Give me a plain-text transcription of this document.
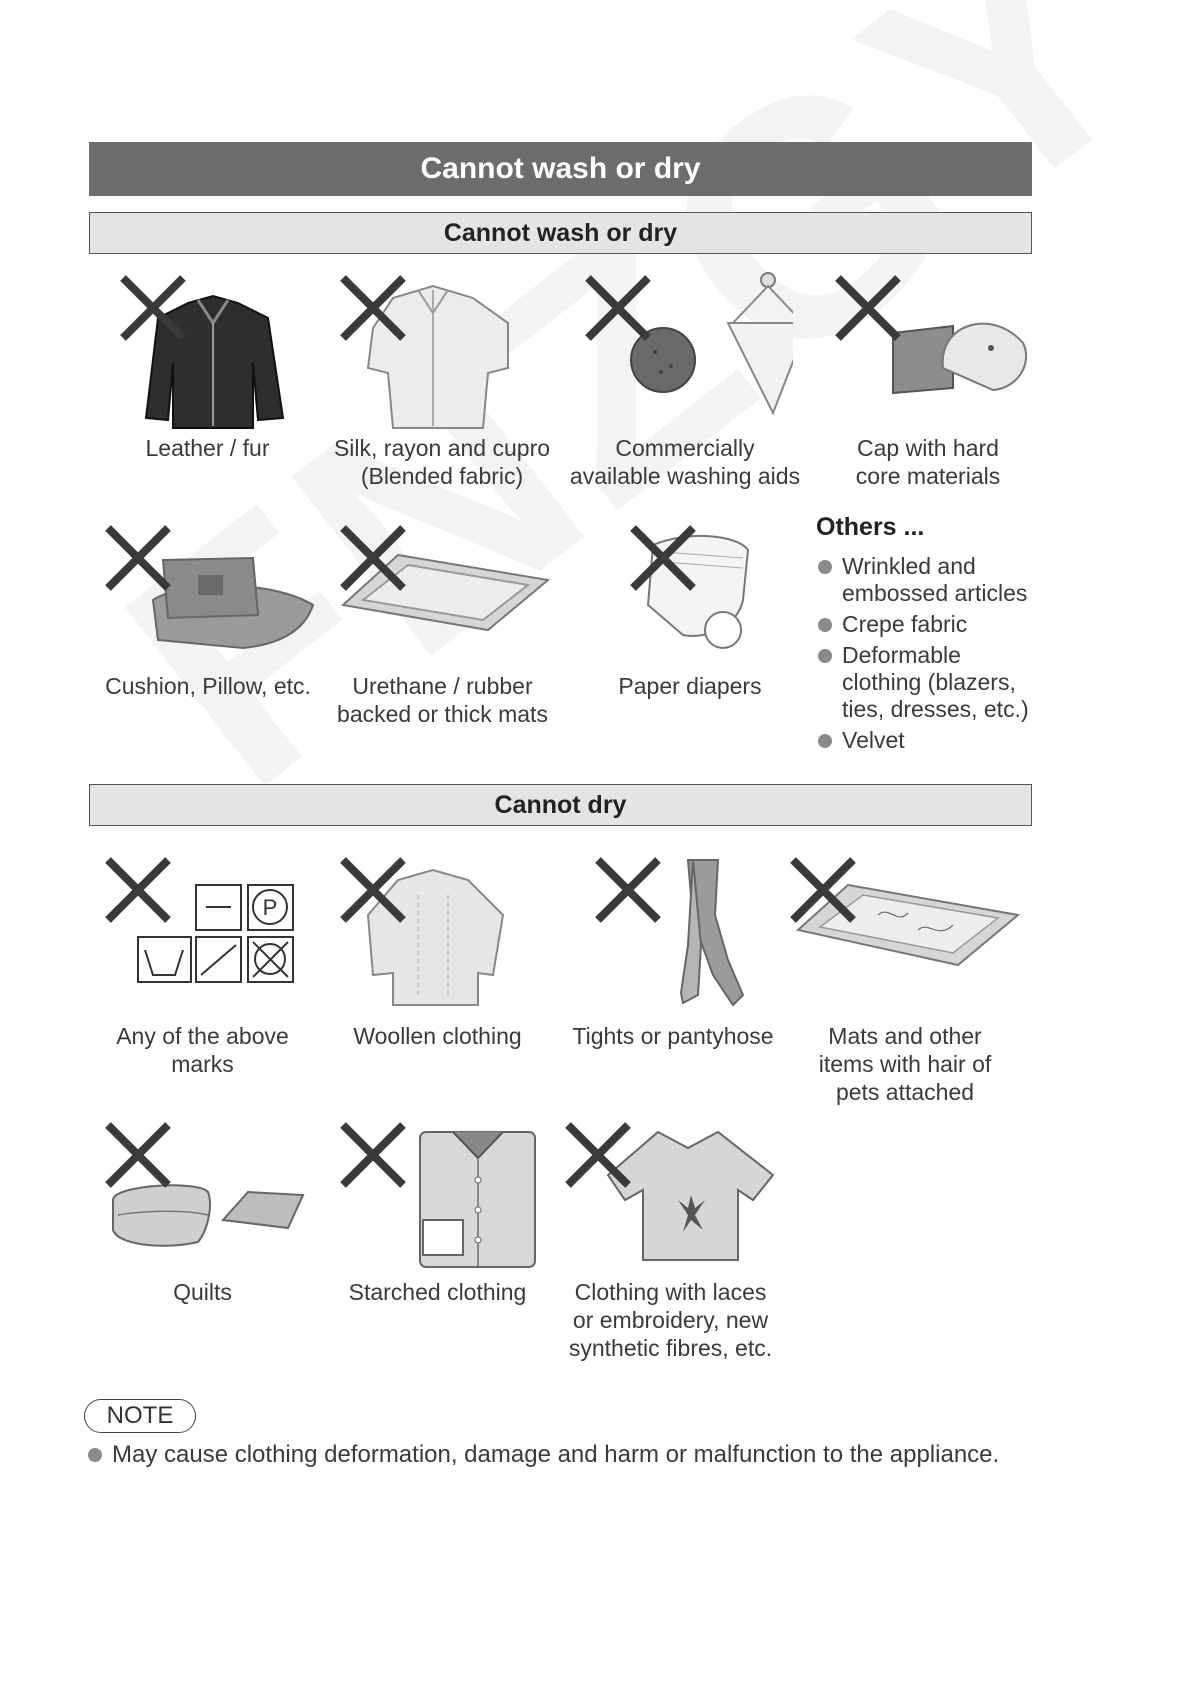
Cannot wash or dry
Cannot wash or dry
Leather / fur	Silk, rayon and cupro
(Blended fabric)
Commercially
available washing aids
Cap with hard
core materials
Cushion, Pillow, etc.	Urethane / rubber
backed or thick mats
Paper diapers
Others ...
Wrinkled and
embossed articles
Crepe fabric
Deformable
clothing (blazers,
ties, dresses, etc.)
Velvet
Cannot dry
P
Any of the above
marks
Woollen clothing	Tights or pantyhose	Mats and other
items with hair of
pets attached
Quilts	Starched clothing	Clothing with laces
or embroidery, new
synthetic fibres, etc.
NOTE
May cause clothing deformation, damage and harm or malfunction to the appliance.
